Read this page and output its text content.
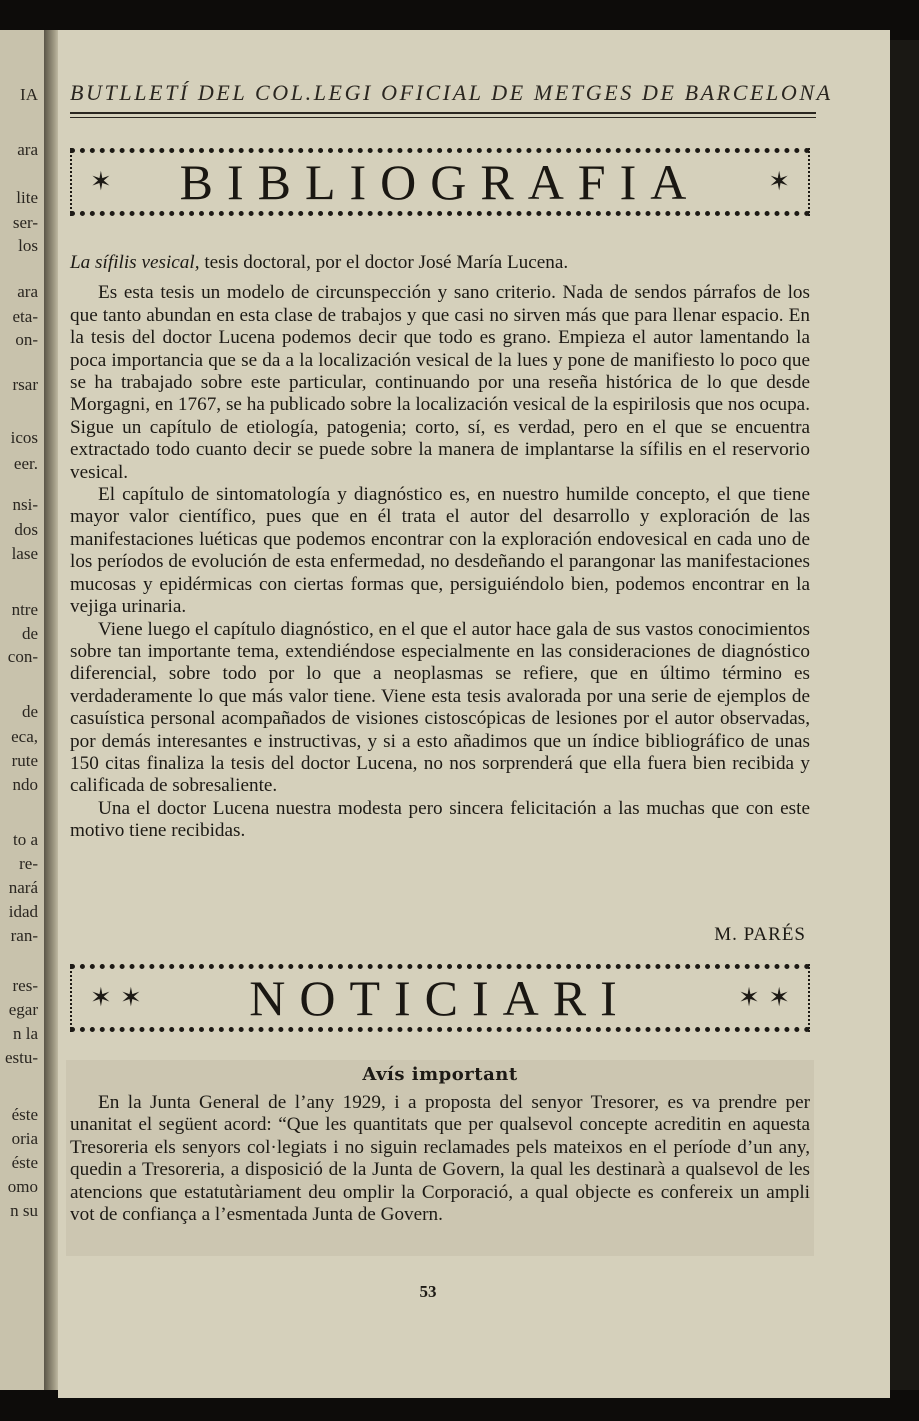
IA
ara
lite
ser-
los
ara
eta-
on-
rsar
icos
eer.
nsi-
dos
lase
ntre
de
con-
de
eca,
rute
ndo
to a
re-
nará
idad
ran-
res-
egar
n la
estu-
éste
oria
éste
omo
n su
BUTLLETÍ DEL COL.LEGI OFICIAL DE METGES DE BARCELONA
✶ BIBLIOGRAFIA	✶

La sífilis vesical, tesis doctoral, por el doctor José María Lucena.

Es esta tesis un modelo de circunspección y sano criterio. Nada de sendos párrafos de los que tanto abundan en esta clase de trabajos y que casi no sirven más que para llenar espacio. En la tesis del doctor Lucena podemos decir que todo es grano. Empieza el autor lamentando la poca importancia que se da a la localización vesical de la lues y pone de manifiesto lo poco que se ha trabajado sobre este particular, continuando por una reseña histórica de lo que desde Morgagni, en 1767, se ha publicado sobre la localización vesical de la espirilosis que nos ocupa. Sigue un capítulo de etiología, patogenia; corto, sí, es verdad, pero en el que se encuentra extractado todo cuanto decir se puede sobre la manera de implantarse la sífilis en el reservorio vesical.

El capítulo de sintomatología y diagnóstico es, en nuestro humilde concepto, el que tiene mayor valor científico, pues que en él trata el autor del desarrollo y exploración de las manifestaciones luéticas que podemos encontrar con la exploración endovesical en cada uno de los períodos de evolución de esta enfermedad, no desdeñando el parangonar las manifestaciones mucosas y epidérmicas con ciertas formas que, persiguiéndolo bien, podemos encontrar en la vejiga urinaria.

Viene luego el capítulo diagnóstico, en el que el autor hace gala de sus vastos conocimientos sobre tan importante tema, extendiéndose especialmente en las consideraciones de diagnóstico diferencial, sobre todo por lo que a neoplasmas se refiere, que en último término es verdaderamente lo que más valor tiene. Viene esta tesis avalorada por una serie de ejemplos de casuística personal acompañados de visiones cistoscópicas de lesiones por el autor observadas, por demás interesantes e instructivas, y si a esto añadimos que un índice bibliográfico de unas 150 citas finaliza la tesis del doctor Lucena, no nos sorprenderá que ella fuera bien recibida y calificada de sobresaliente.

Una el doctor Lucena nuestra modesta pero sincera felicitación a las muchas que con este motivo tiene recibidas.

M. PARÉS
✶ ✶ NOTICIARI	✶ ✶
Avís important

En la Junta General de l’any 1929, i a proposta del senyor Tresorer, es va prendre per unanitat el següent acord: “Que les quantitats que per qualsevol concepte acreditin en aquesta Tresoreria els senyors col·legiats i no siguin reclamades pels mateixos en el període d’un any, quedin a Tresoreria, a disposició de la Junta de Govern, la qual les destinarà a qualsevol de les atencions que estatutàriament deu omplir la Corporació, a qual objecte es confereix un ampli vot de confiança a l’esmentada Junta de Govern.

53
